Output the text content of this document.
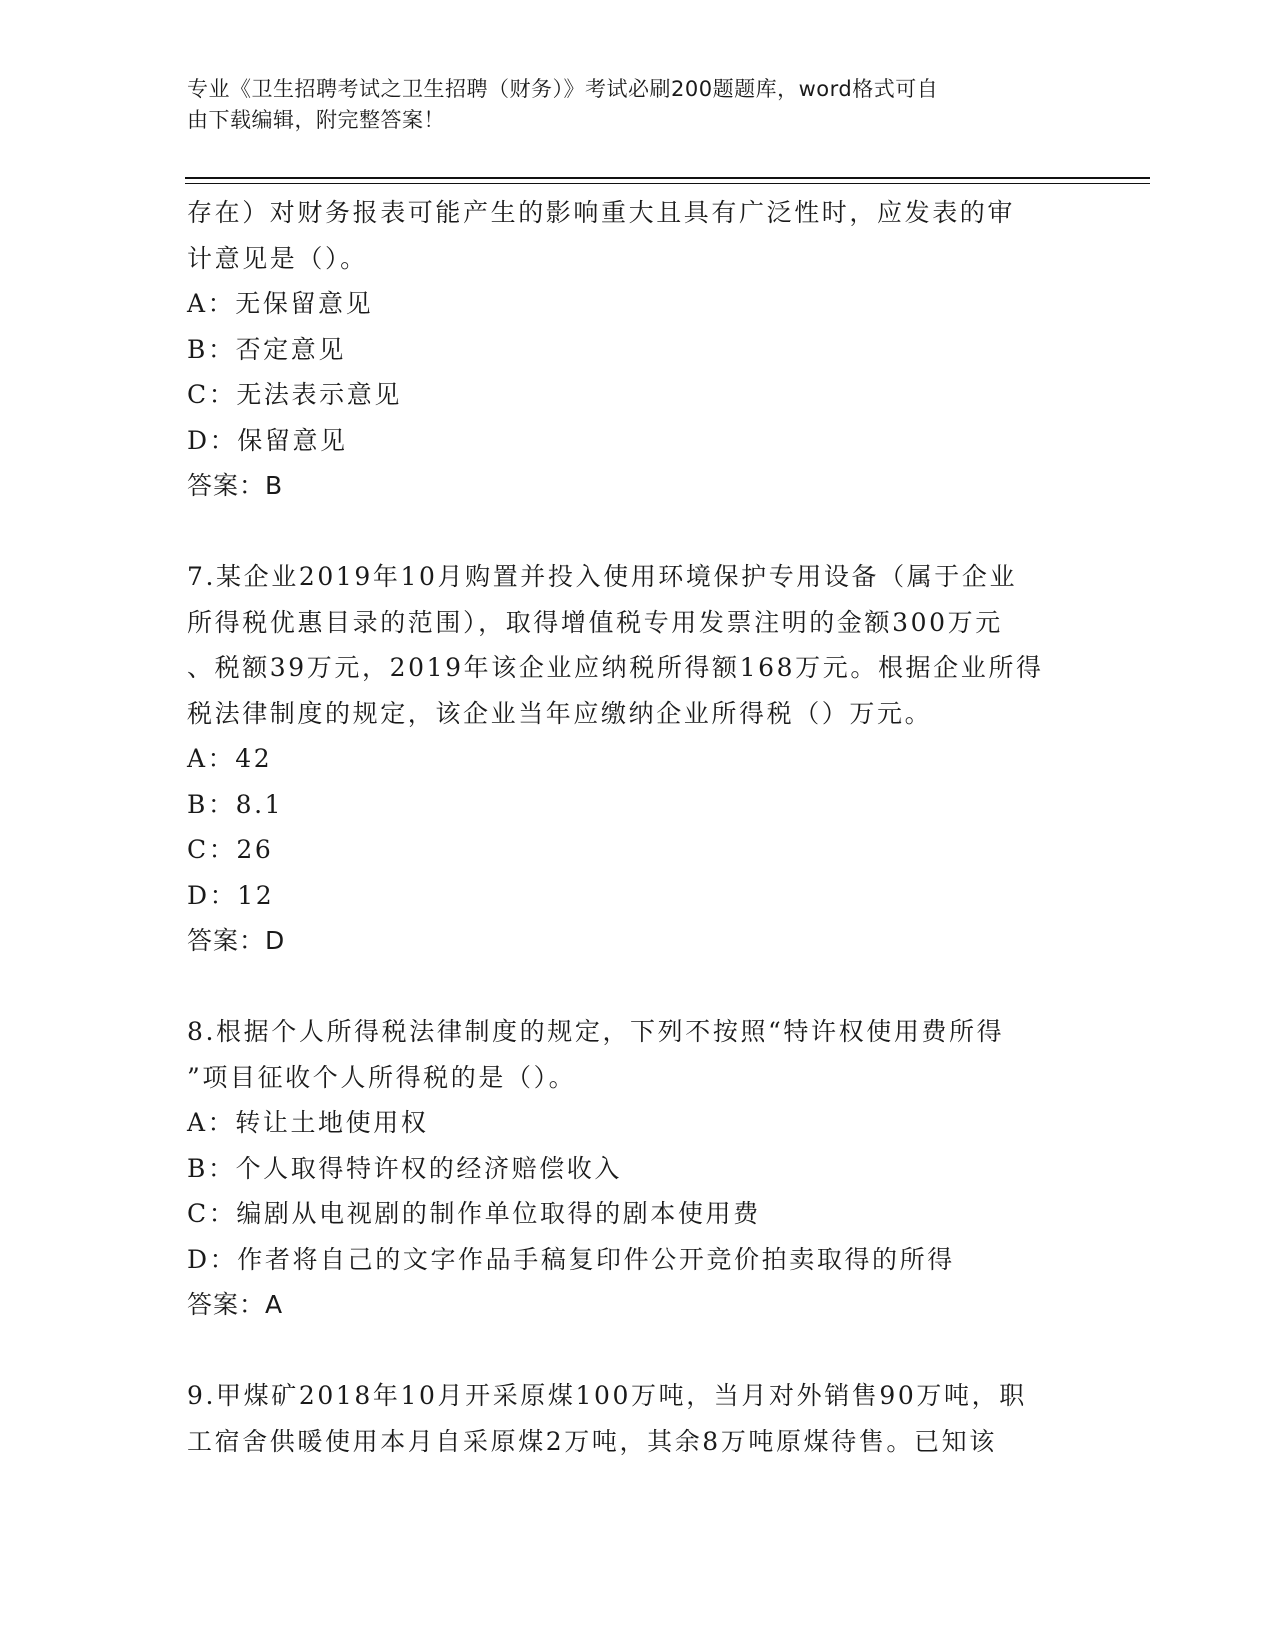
专业《卫生招聘考试之卫生招聘（财务）》考试必刷200题题库，word格式可自
由下载编辑，附完整答案！
存在）对财务报表可能产生的影响重大且具有广泛性时，应发表的审
计意见是（）。
A：无保留意见
B：否定意见
C：无法表示意见
D：保留意见
答案：B
7.某企业2019年10月购置并投入使用环境保护专用设备（属于企业
所得税优惠目录的范围），取得增值税专用发票注明的金额300万元
、税额39万元，2019年该企业应纳税所得额168万元。根据企业所得
税法律制度的规定，该企业当年应缴纳企业所得税（）万元。
A：42
B：8.1
C：26
D：12
答案：D
8.根据个人所得税法律制度的规定，下列不按照“特许权使用费所得
”项目征收个人所得税的是（）。
A：转让土地使用权
B：个人取得特许权的经济赔偿收入
C：编剧从电视剧的制作单位取得的剧本使用费
D：作者将自己的文字作品手稿复印件公开竞价拍卖取得的所得
答案：A
9.甲煤矿2018年10月开采原煤100万吨，当月对外销售90万吨，职
工宿舍供暖使用本月自采原煤2万吨，其余8万吨原煤待售。已知该
